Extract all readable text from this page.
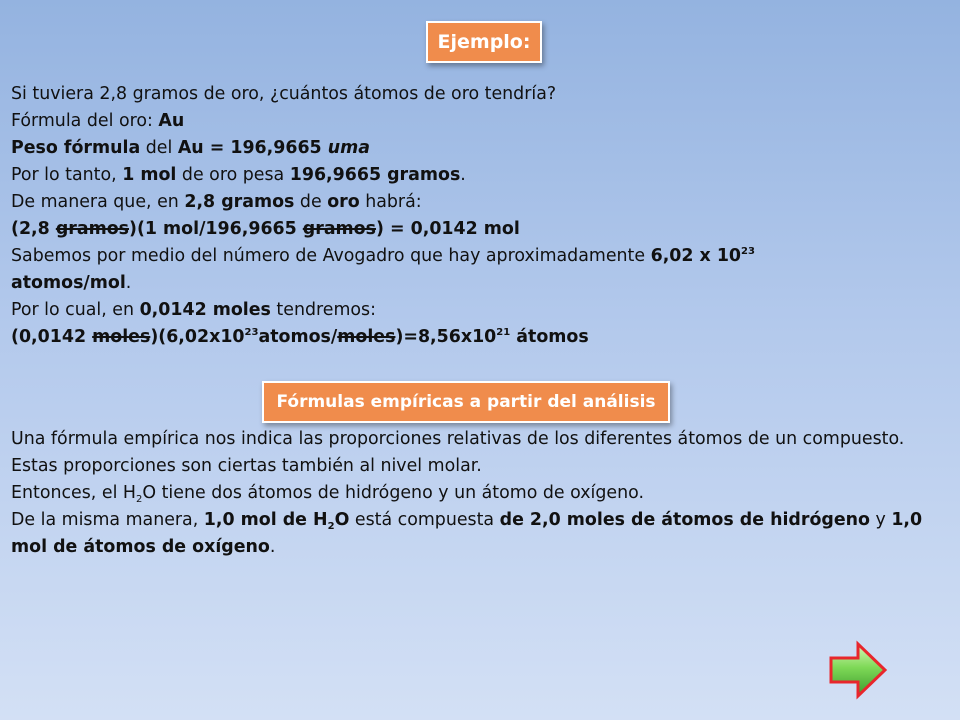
Ejemplo:
Si tuviera 2,8 gramos de oro, ¿cuántos átomos de oro tendría?
Fórmula del oro: Au
Peso fórmula del Au = 196,9665 uma
Por lo tanto, 1 mol de oro pesa 196,9665 gramos.
De manera que, en 2,8 gramos de oro habrá:
(2,8 gramos)(1 mol/196,9665 gramos) = 0,0142 mol
Sabemos por medio del número de Avogadro que hay aproximadamente 6,02 x $10^{23}$
atomos/mol.
Por lo cual, en 0,0142 moles tendremos:
(0,0142 $moles)(6,02x10^{23}atomos/moles)=8,56x10^{21}$ átomos
Fórmulas empíricas a partir del análisis
Una fórmula empírica nos indica las proporciones relativas de los diferentes átomos de un compuesto.
Estas proporciones son ciertas también al nivel molar.
Entonces, el $H_2O$ tiene dos átomos de hidrógeno y un átomo de oxígeno.
De la misma manera, 1,0 mol de $H_2O$ está compuesta de 2,0 moles de átomos de hidrógeno y 1,0 mol de átomos de oxígeno.
